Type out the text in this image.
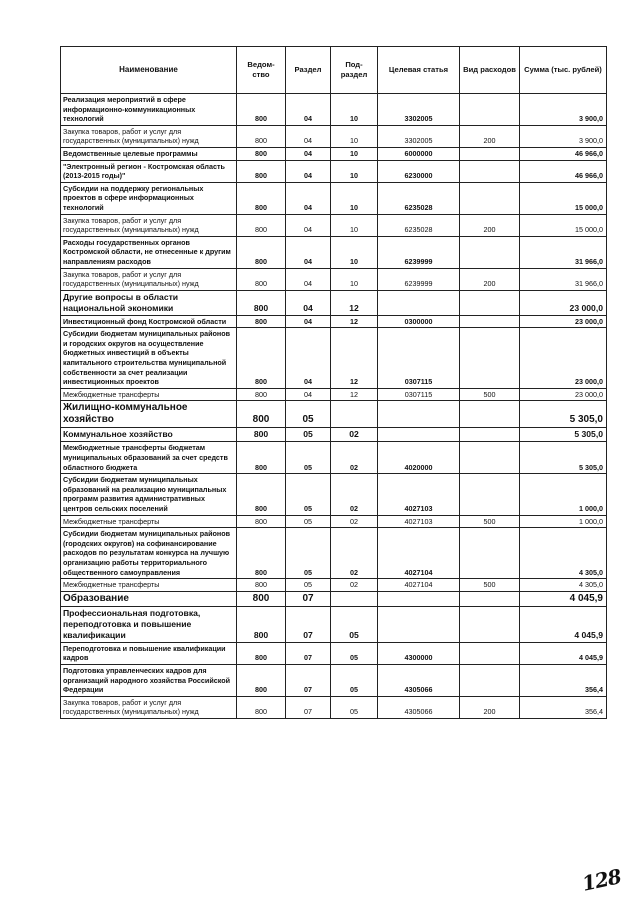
Наименование	Ведом-ство	Раздел	Под-раздел	Целевая статья	Вид расходов	Сумма (тыс. рублей)
Реализация мероприятий в сфере информационно-коммуникационных технологий	800	04	10	3302005		3 900,0
Закупка товаров, работ и услуг для государственных (муниципальных) нужд	800	04	10	3302005	200	3 900,0
Ведомственные целевые программы	800	04	10	6000000		46 966,0
"Электронный регион - Костромская область (2013-2015 годы)"	800	04	10	6230000		46 966,0
Субсидии на поддержку региональных проектов в сфере информационных технологий	800	04	10	6235028		15 000,0
Закупка товаров, работ и услуг для государственных (муниципальных) нужд	800	04	10	6235028	200	15 000,0
Расходы государственных органов Костромской области, не отнесенные к другим направлениям расходов	800	04	10	6239999		31 966,0
Закупка товаров, работ и услуг для государственных (муниципальных) нужд	800	04	10	6239999	200	31 966,0
Другие вопросы в области национальной экономики	800	04	12			23 000,0
Инвестиционный фонд Костромской области	800	04	12	0300000		23 000,0
Субсидии бюджетам муниципальных районов и городских округов на осуществление бюджетных инвестиций в объекты капитального строительства муниципальной собственности за счет реализации инвестиционных проектов	800	04	12	0307115		23 000,0
Межбюджетные трансферты	800	04	12	0307115	500	23 000,0
Жилищно-коммунальное хозяйство	800	05				5 305,0
Коммунальное хозяйство	800	05	02			5 305,0
Межбюджетные трансферты бюджетам муниципальных образований за счет средств областного бюджета	800	05	02	4020000		5 305,0
Субсидии бюджетам муниципальных образований на реализацию муниципальных программ развития административных центров сельских поселений	800	05	02	4027103		1 000,0
Межбюджетные трансферты	800	05	02	4027103	500	1 000,0
Субсидии бюджетам муниципальных районов (городских округов) на софинансирование расходов по результатам конкурса на лучшую организацию работы территориального общественного самоуправления	800	05	02	4027104		4 305,0
Межбюджетные трансферты	800	05	02	4027104	500	4 305,0
Образование	800	07				4 045,9
Профессиональная подготовка, переподготовка и повышение квалификации	800	07	05			4 045,9
Переподготовка и повышение квалификации кадров	800	07	05	4300000		4 045,9
Подготовка управленческих кадров для организаций народного хозяйства Российской Федерации	800	07	05	4305066		356,4
Закупка товаров, работ и услуг для государственных (муниципальных) нужд	800	07	05	4305066	200	356,4
128
